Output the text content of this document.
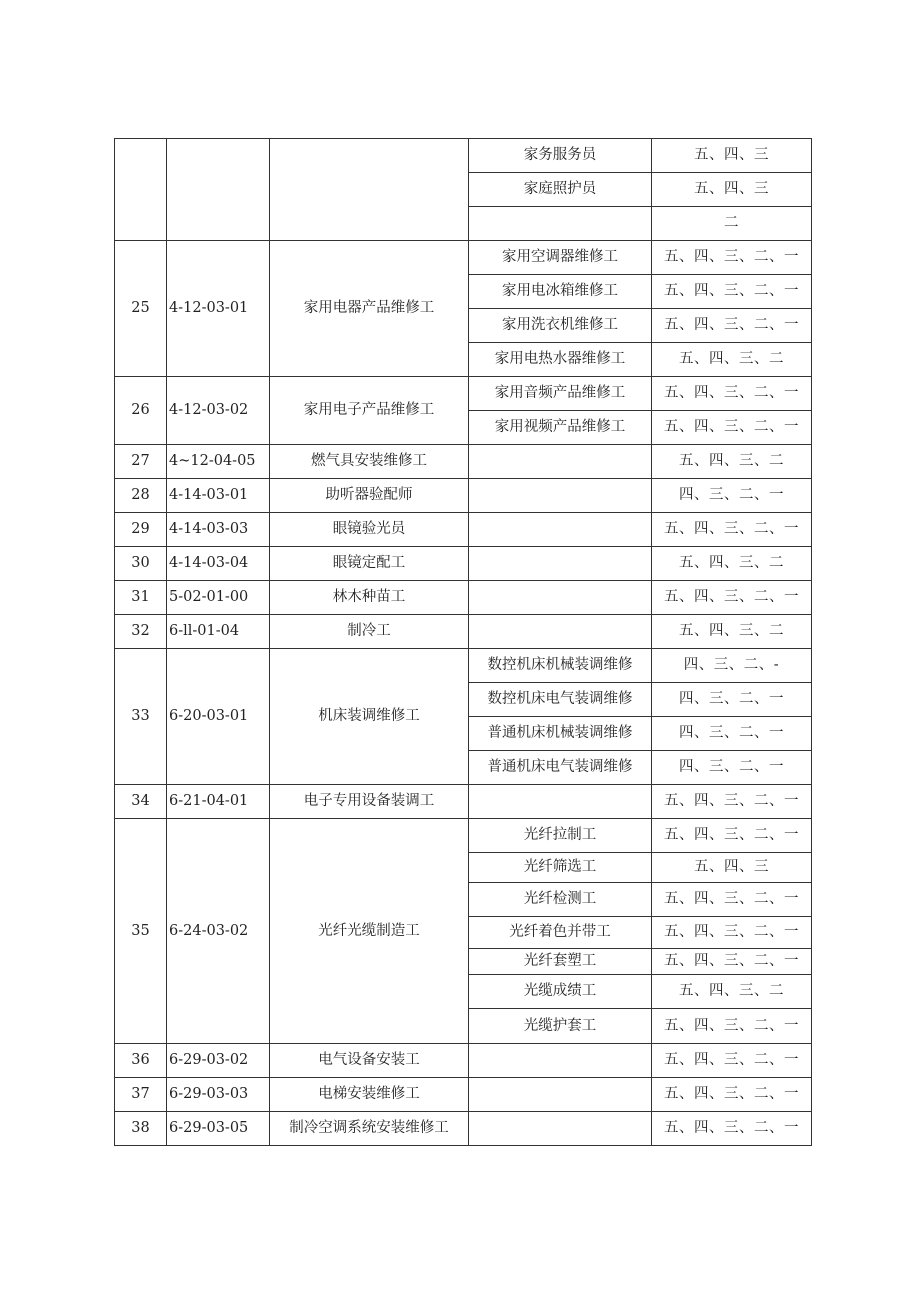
			家务服务员	五、四、三
			家庭照护员	五、四、三
				二
25	4-12-03-01	家用电器产品维修工	家用空调器维修工	五、四、三、二、一
			家用电冰箱维修工	五、四、三、二、一
			家用洗衣机维修工	五、四、三、二、一
			家用电热水器维修工	五、四、三、二
26	4-12-03-02	家用电子产品维修工	家用音频产品维修工	五、四、三、二、一
			家用视频产品维修工	五、四、三、二、一
27	4~12-04-05	燃气具安装维修工		五、四、三、二
28	4-14-03-01	助听器验配师		四、三、二、一
29	4-14-03-03	眼镜验光员		五、四、三、二、一
30	4-14-03-04	眼镜定配工		五、四、三、二
31	5-02-01-00	林木种苗工		五、四、三、二、一
32	6-ll-01-04	制冷工		五、四、三、二
33	6-20-03-01	机床装调维修工	数控机床机械装调维修	四、三、二、-
			数控机床电气装调维修	四、三、二、一
			普通机床机械装调维修	四、三、二、一
			普通机床电气装调维修	四、三、二、一
34	6-21-04-01	电子专用设备装调工		五、四、三、二、一
35	6-24-03-02	光纤光缆制造工	光纤拉制工	五、四、三、二、一
			光纤筛选工	五、四、三
			光纤检测工	五、四、三、二、一
			光纤着色并带工	五、四、三、二、一
			光纤套塑工	五、四、三、二、一
			光缆成绩工	五、四、三、二
			光缆护套工	五、四、三、二、一
36	6-29-03-02	电气设备安装工		五、四、三、二、一
37	6-29-03-03	电梯安装维修工		五、四、三、二、一
38	6-29-03-05	制冷空调系统安装维修工		五、四、三、二、一
